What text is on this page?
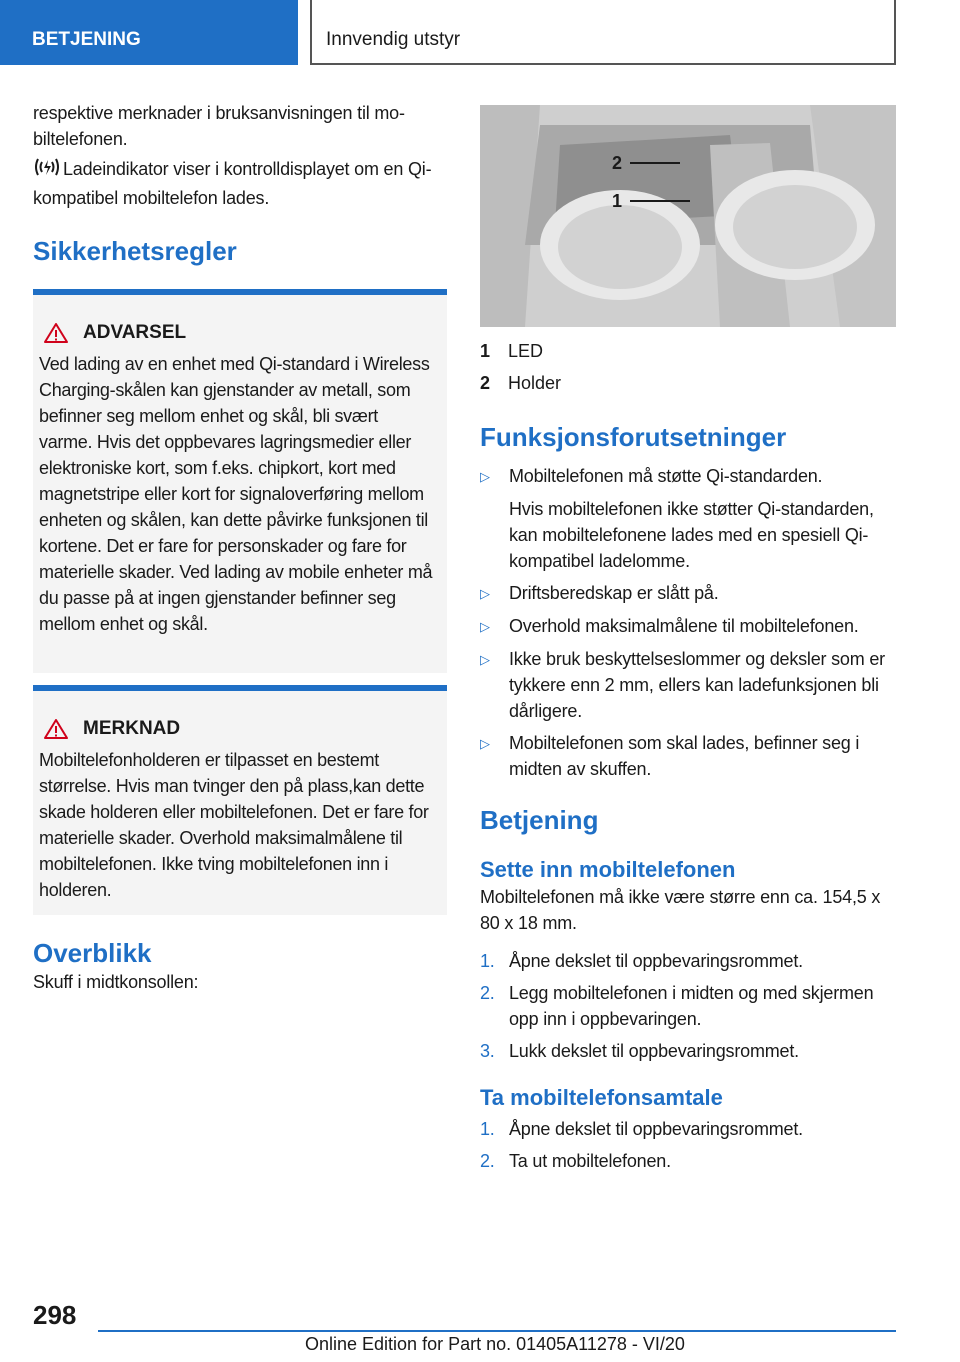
BETJENING	Innvendig utstyr

respektive merknader i bruksanvisningen til mobiltelefonen.

Ladeindikator viser i kontrolldisplayet om en Qi-kompatibel mobiltelefon lades.

Sikkerhetsregler
ADVARSEL

Ved lading av en enhet med Qi-standard i Wireless Charging-skålen kan gjenstander av metall, som befinner seg mellom enhet og skål, bli svært varme. Hvis det oppbevares lagringsmedier eller elektroniske kort, som f.eks. chipkort, kort med magnetstripe eller kort for signaloverføring mellom enheten og skålen, kan dette påvirke funksjonen til kortene. Det er fare for personskader og fare for materielle skader. Ved lading av mobile enheter må du passe på at ingen gjenstander befinner seg mellom enhet og skål.

MERKNAD

Mobiltelefonholderen er tilpasset en bestemt størrelse. Hvis man tvinger den på plass,kan dette skade holderen eller mobiltelefonen. Det er fare for materielle skader. Overhold maksimalmålene til mobiltelefonen. Ikke tving mobiltelefonen inn i holderen.

Overblikk

Skuff i midtkonsollen:

2
1
1 LED
2 Holder
Funksjonsforutsetninger
▷	Mobiltelefonen må støtte Qi-standarden.
Hvis mobiltelefonen ikke støtter Qi-standarden, kan mobiltelefonene lades med en spesiell Qi-kompatibel ladelomme.
▷	Driftsberedskap er slått på.
▷	Overhold maksimalmålene til mobiltelefonen.
▷	Ikke bruk beskyttelseslommer og deksler som er tykkere enn 2 mm, ellers kan ladefunksjonen bli dårligere.
▷	Mobiltelefonen som skal lades, befinner seg i midten av skuffen.
Betjening
Sette inn mobiltelefonen

Mobiltelefonen må ikke være større enn ca. 154,5 x 80 x 18 mm.

1. Åpne dekslet til oppbevaringsrommet.
2. Legg mobiltelefonen i midten og med skjermen opp inn i oppbevaringen.
3. Lukk dekslet til oppbevaringsrommet.
Ta mobiltelefonsamtale
1. Åpne dekslet til oppbevaringsrommet.
2. Ta ut mobiltelefonen.
298
Online Edition for Part no. 01405A11278 - VI/20
